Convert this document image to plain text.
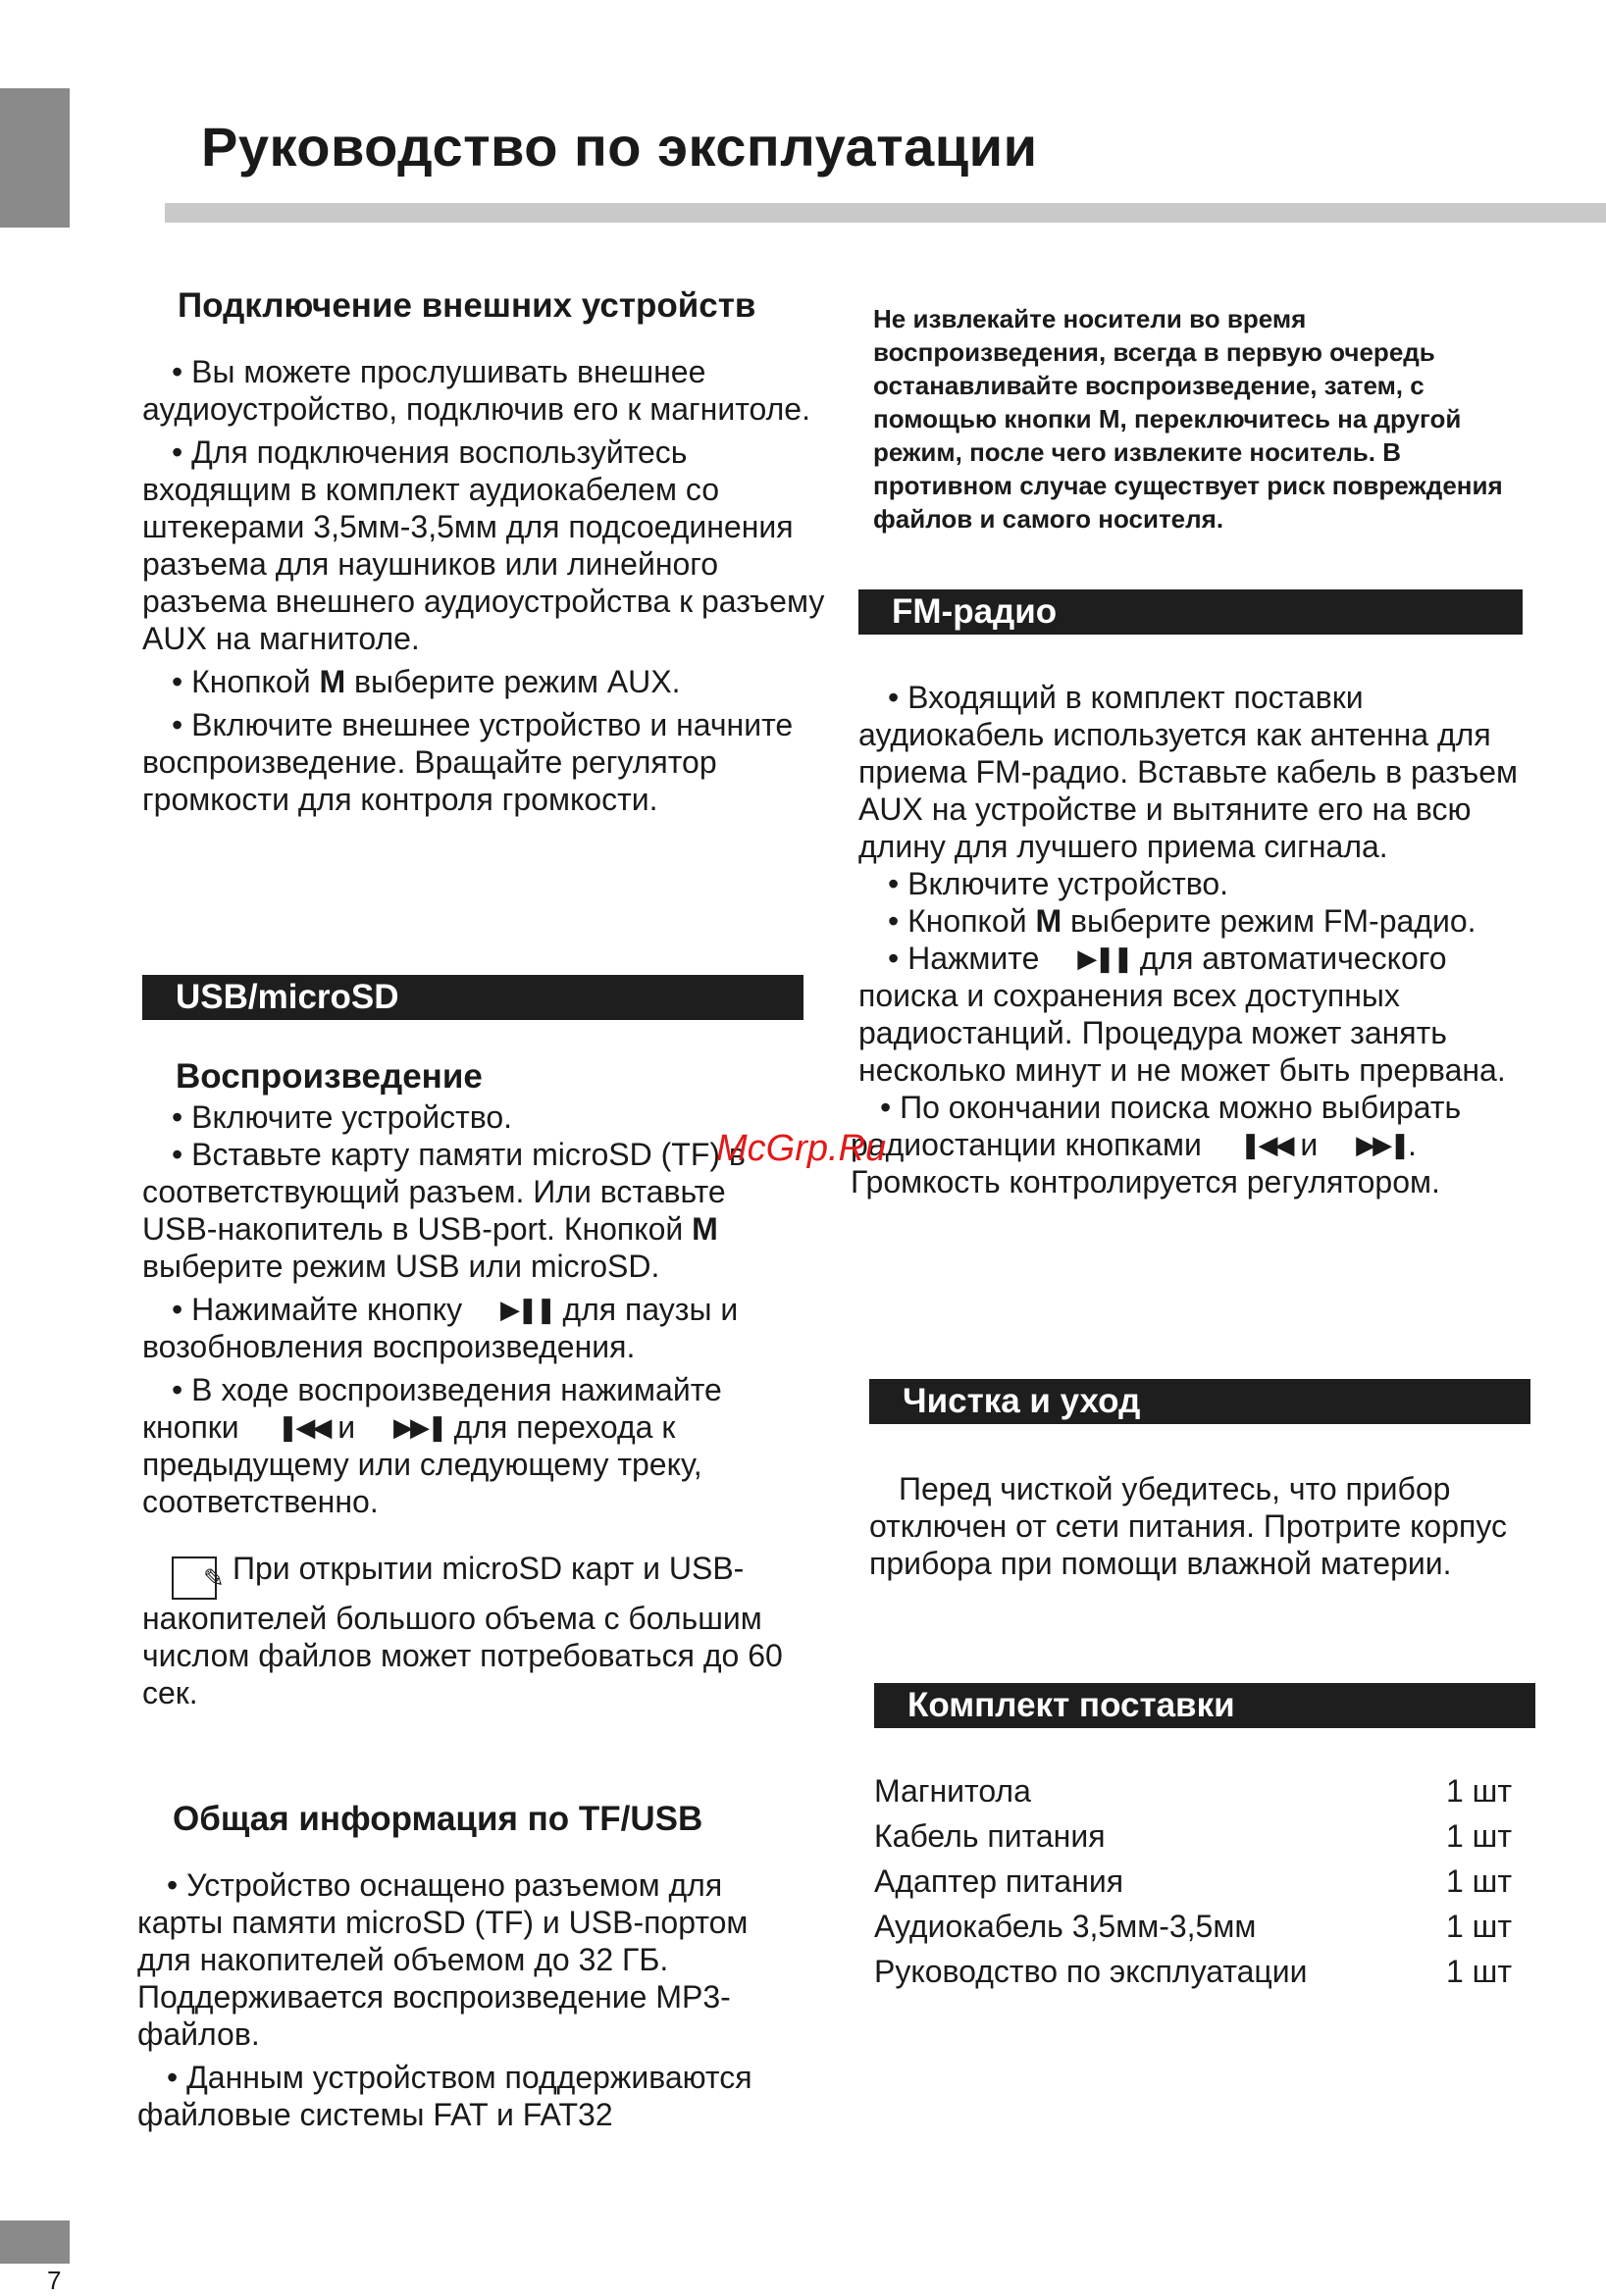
7
Руководство по эксплуатации
Подключение внешних устройств

• Вы можете прослушивать внешнее аудиоустройство, подключив его к магнитоле.

• Для подключения воспользуйтесь входящим в комплект аудиокабелем со штекерами 3,5мм-3,5мм для подсоединения разъема для наушников или линейного разъема внешнего аудиоустройства к разъему AUX на магнитоле.

• Кнопкой M выберите режим AUX.

• Включите внешнее устройство и начните воспроизведение. Вращайте регулятор громкости для контроля громкости.

USB/microSD
Воспроизведение

• Включите устройство.

• Вставьте карту памяти microSD (TF) в соответствующий разъем. Или вставьте USB-накопитель в USB-port. Кнопкой M выберите режим USB или microSD.

• Нажимайте кнопку ▶❚❚ для паузы и возобновления воспроизведения.

• В ходе воспроизведения нажимайте кнопки ❚◀◀ и ▶▶❚ для перехода к предыдущему или следующему треку, соответственно.

✎ При открытии microSD карт и USB-накопителей большого объема с большим числом файлов может потребоваться до 60 сек.

Общая информация по TF/USB

• Устройство оснащено разъемом для карты памяти microSD (TF) и USB-портом для накопителей объемом до 32 ГБ. Поддерживается воспроизведение MP3-файлов.

• Данным устройством поддерживаются файловые системы FAT и FAT32

Не извлекайте носители во время воспроизведения, всегда в первую очередь останавливайте воспроизведение, затем, с помощью кнопки M, переключитесь на другой режим, после чего извлеките носитель. В противном случае существует риск повреждения файлов и самого носителя.

FM-радио

• Входящий в комплект поставки аудиокабель используется как антенна для приема FM-радио. Вставьте кабель в разъем AUX на устройстве и вытяните его на всю длину для лучшего приема сигнала.

• Включите устройство.

• Кнопкой M выберите режим FM-радио.

• Нажмите ▶❚❚ для автоматического поиска и сохранения всех доступных радиостанций. Процедура может занять несколько минут и не может быть прервана.

• По окончании поиска можно выбирать радиостанции кнопками ❚◀◀ и ▶▶❚. Громкость контролируется регулятором.

Чистка и уход

Перед чисткой убедитесь, что прибор отключен от сети питания. Протрите корпус прибора при помощи влажной материи.

Комплект поставки
Магнитола	1 шт
Кабель питания	1 шт
Адаптер питания	1 шт
Аудиокабель 3,5мм-3,5мм	1 шт
Руководство по эксплуатации	1 шт
McGrp.Ru
